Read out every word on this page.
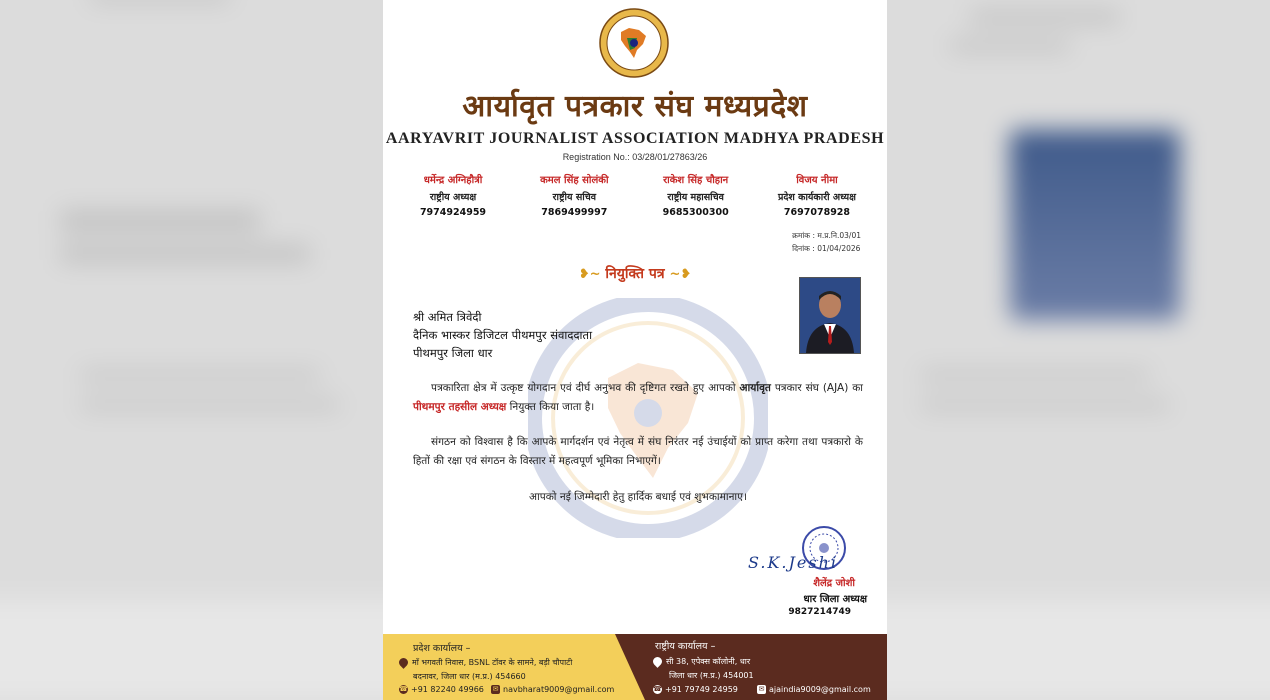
आर्यावृत पत्रकार संघ मध्यप्रदेश
AARYAVRIT JOURNALIST ASSOCIATION MADHYA PRADESH
Registration No.: 03/28/01/27863/26
धर्मेन्द्र अग्निहौत्री
राष्ट्रीय अध्यक्ष
7974924959
कमल सिंह सोलंकी
राष्ट्रीय सचिव
7869499997
राकेश सिंह चौहान
राष्ट्रीय महासचिव
9685300300
विजय नीमा
प्रदेश कार्यकारी अध्यक्ष
7697078928
क्रमांक : म.प्र.नि.03/01
दिनांक : 01/04/2026
❥~ नियुक्ति पत्र ~❥
श्री अमित त्रिवेदी
दैनिक भास्कर डिजिटल पीथमपुर संवाददाता
पीथमपुर जिला धार
पत्रकारिता क्षेत्र में उत्कृष्ट योगदान एवं दीर्घ अनुभव की दृष्टिगत रखते हुए आपको आर्यावृत पत्रकार संघ (AJA) का पीथमपुर तहसील अध्यक्ष नियुक्त किया जाता है।
संगठन को विश्वास है कि आपके मार्गदर्शन एवं नेतृत्व में संघ निरंतर नई उंचाईयों को प्राप्त करेगा तथा पत्रकारो के हितों की रक्षा एवं संगठन के विस्तार में महत्वपूर्ण भूमिका निभाएगें।
आपको नई जिम्मेदारी हेतु हार्दिक बधाई एवं शुभकामानाए।
S.K.Jeshi
शैलेंद्र जोशी
धार जिला अध्यक्ष
9827214749
प्रदेश कार्यालय –
माँ भगवती निवास, BSNL टॉवर के सामने, बड़ी चौपाटी
बदनावर, जिला धार (म.प्र.) 454660
☎ +91 82240 49966 ✉ navbharat9009@gmail.com
राष्ट्रीय कार्यालय –
सी 38, एपेक्स कॉलोनी, धार
जिला धार (म.प्र.) 454001
☎ +91 79749 24959	✉ ajaindia9009@gmail.com
